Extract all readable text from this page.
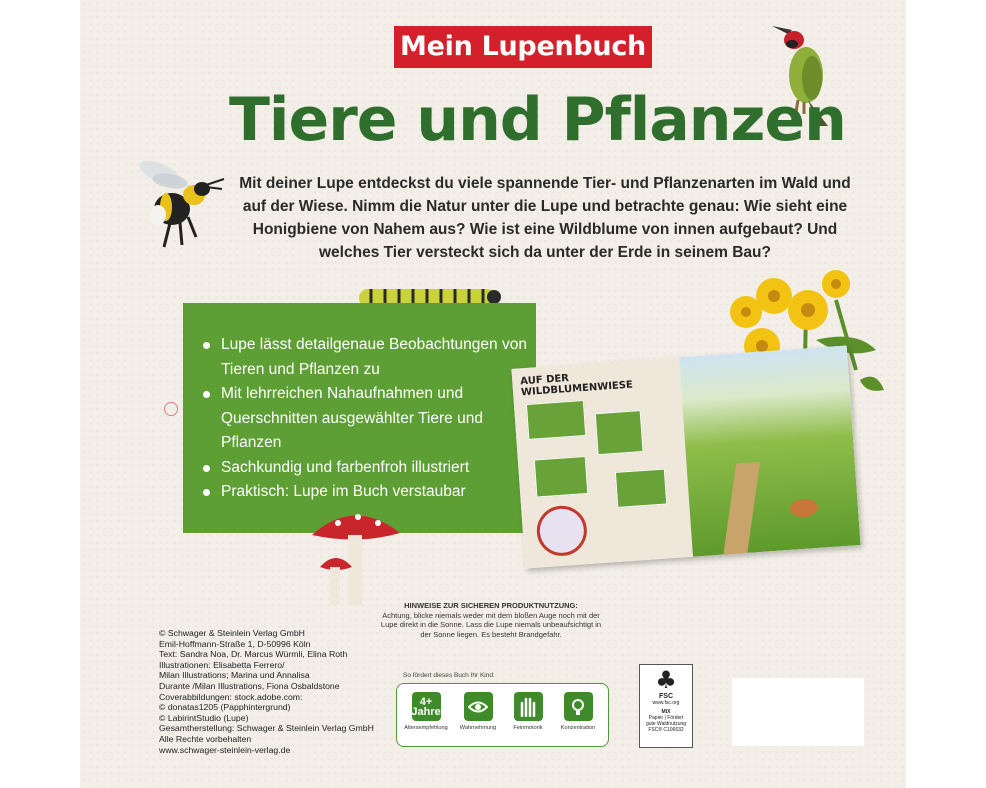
Mein Lupenbuch
Tiere und Pflanzen
Mit deiner Lupe entdeckst du viele spannende Tier- und Pflanzenarten im Wald und auf der Wiese. Nimm die Natur unter die Lupe und betrachte genau: Wie sieht eine Honigbiene von Nahem aus? Wie ist eine Wildblume von innen aufgebaut? Und welches Tier versteckt sich da unter der Erde in seinem Bau?
Lupe lässt detailgenaue Beobachtungen von Tieren und Pflanzen zu
Mit lehrreichen Nahaufnahmen und Querschnitten ausgewählter Tiere und Pflanzen
Sachkundig und farbenfroh illustriert
Praktisch: Lupe im Buch verstaubar
AUF DER WILDBLUMENWIESE
HINWEISE ZUR SICHEREN PRODUKTNUTZUNG:
Achtung, blicke niemals weder mit dem bloßen Auge noch mit der Lupe direkt in die Sonne. Lass die Lupe niemals unbeaufsichtigt in der Sonne liegen. Es besteht Brandgefahr.
© Schwager & Steinlein Verlag GmbH
Emil-Hoffmann-Straße 1, D-50996 Köln
Text: Sandra Noa, Dr. Marcus Würmli, Elina Roth
Illustrationen: Elisabetta Ferrero/
Milan Illustrations; Marina und Annalisa
Durante /Milan Illustrations, Fiona Osbaldstone
Coverabbildungen: stock.adobe.com:
© donatas1205 (Papphintergrund)
© LabirintStudio (Lupe)
Gesamtherstellung: Schwager & Steinlein Verlag GmbH
Alle Rechte vorbehalten
www.schwager-steinlein-verlag.de
So fördert dieses Buch Ihr Kind:
4+ Jahre
Altersempfehlung	Wahrnehmung	Feinmotorik	Konzentration
♣
FSC
www.fsc.org
MIX
Papier | Fördert
gute Waldnutzung
FSC® C106632
